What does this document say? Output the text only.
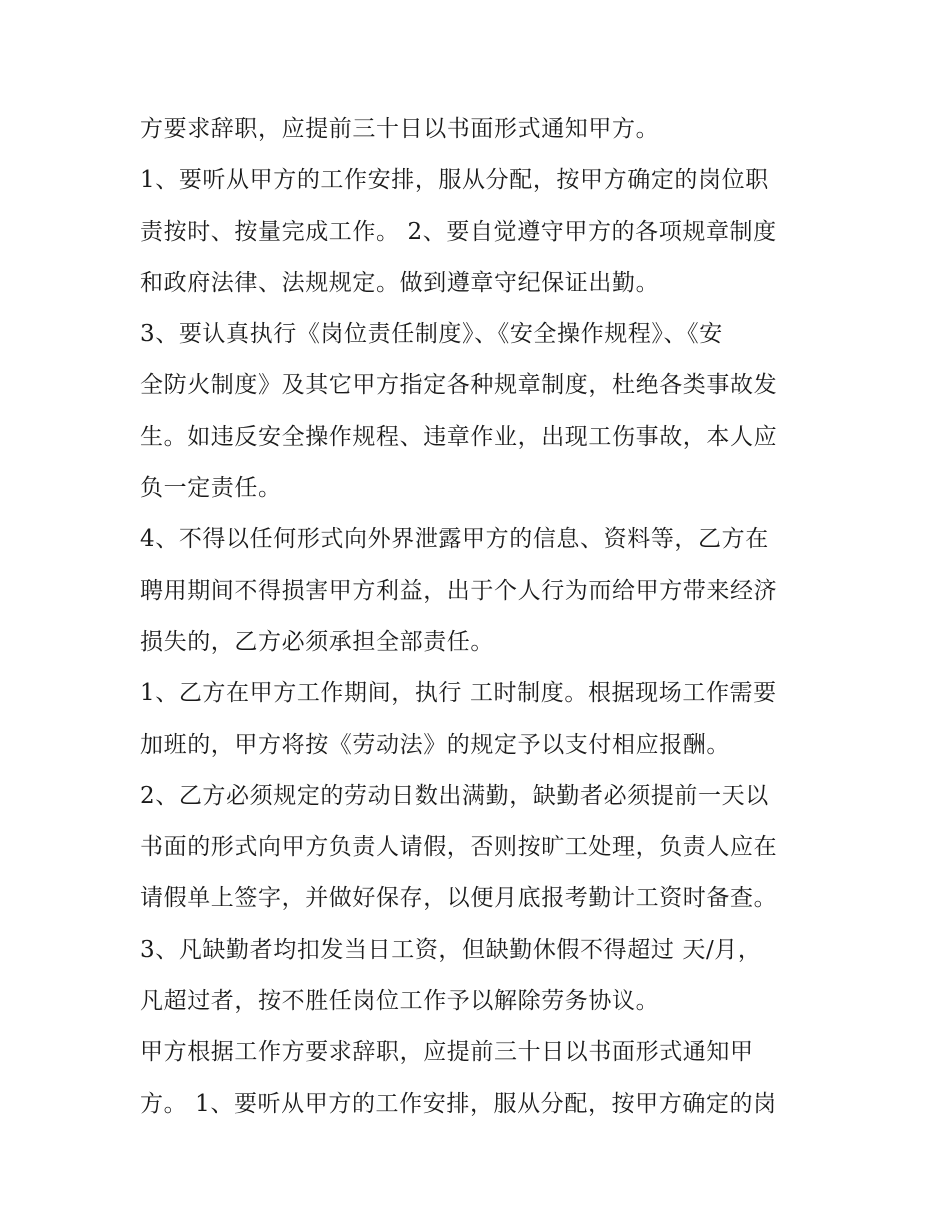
方要求辞职，应提前三十日以书面形式通知甲方。
1、要听从甲方的工作安排，服从分配，按甲方确定的岗位职
责按时、按量完成工作。 2、要自觉遵守甲方的各项规章制度
和政府法律、法规规定。做到遵章守纪保证出勤。
3、要认真执行《岗位责任制度》、《安全操作规程》、《安
全防火制度》及其它甲方指定各种规章制度，杜绝各类事故发
生。如违反安全操作规程、违章作业，出现工伤事故，本人应
负一定责任。
4、不得以任何形式向外界泄露甲方的信息、资料等，乙方在
聘用期间不得损害甲方利益，出于个人行为而给甲方带来经济
损失的，乙方必须承担全部责任。
1、乙方在甲方工作期间，执行 工时制度。根据现场工作需要
加班的，甲方将按《劳动法》的规定予以支付相应报酬。
2、乙方必须规定的劳动日数出满勤，缺勤者必须提前一天以
书面的形式向甲方负责人请假，否则按旷工处理，负责人应在
请假单上签字，并做好保存，以便月底报考勤计工资时备查。
3、凡缺勤者均扣发当日工资，但缺勤休假不得超过 天/月，
凡超过者，按不胜任岗位工作予以解除劳务协议。
甲方根据工作方要求辞职，应提前三十日以书面形式通知甲
方。 1、要听从甲方的工作安排，服从分配，按甲方确定的岗
